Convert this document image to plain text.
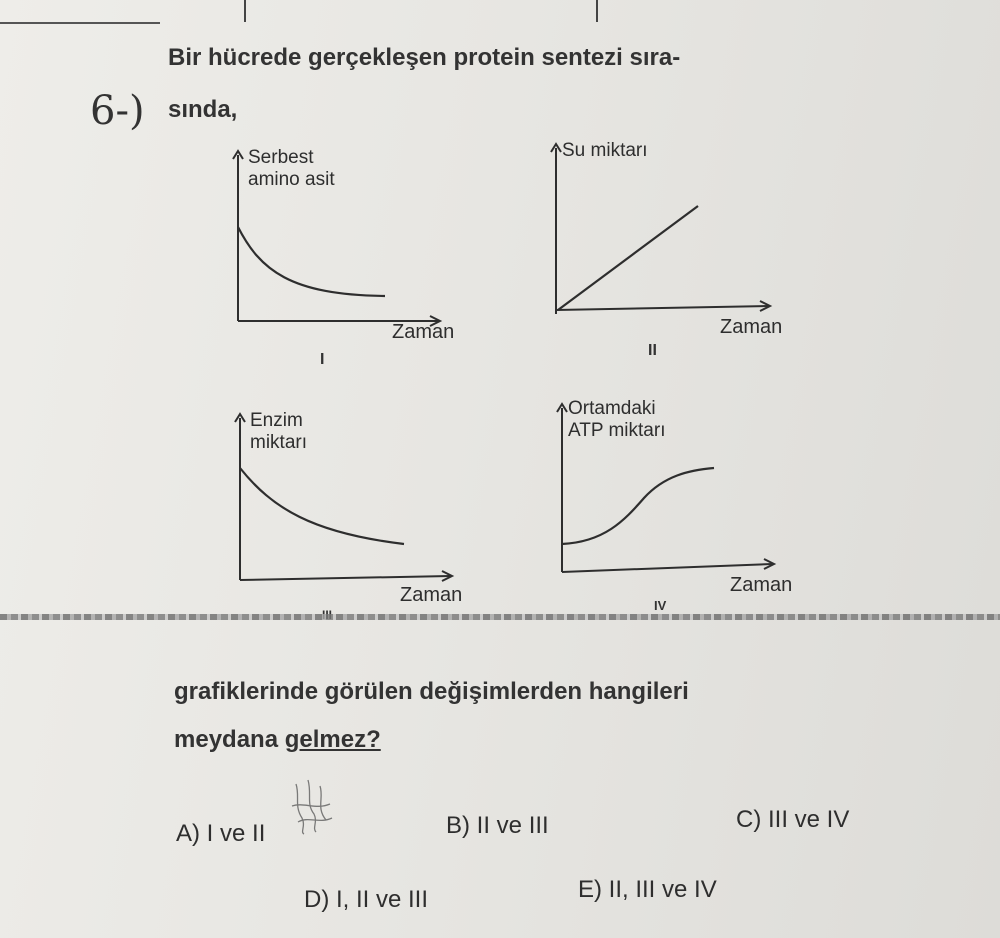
6-)
Bir hücrede gerçekleşen protein sentezi sıra-
sında,
Serbest
amino asit
Zaman
I
Su miktarı
Zaman
II
Enzim
miktarı
Zaman
Ortamdaki
ATP miktarı
Zaman
IV
grafiklerinde görülen değişimlerden hangileri
meydana gelmez?
A) I ve II	B) II ve III	C) III ve IV
D) I, II ve III	E) II, III ve IV
